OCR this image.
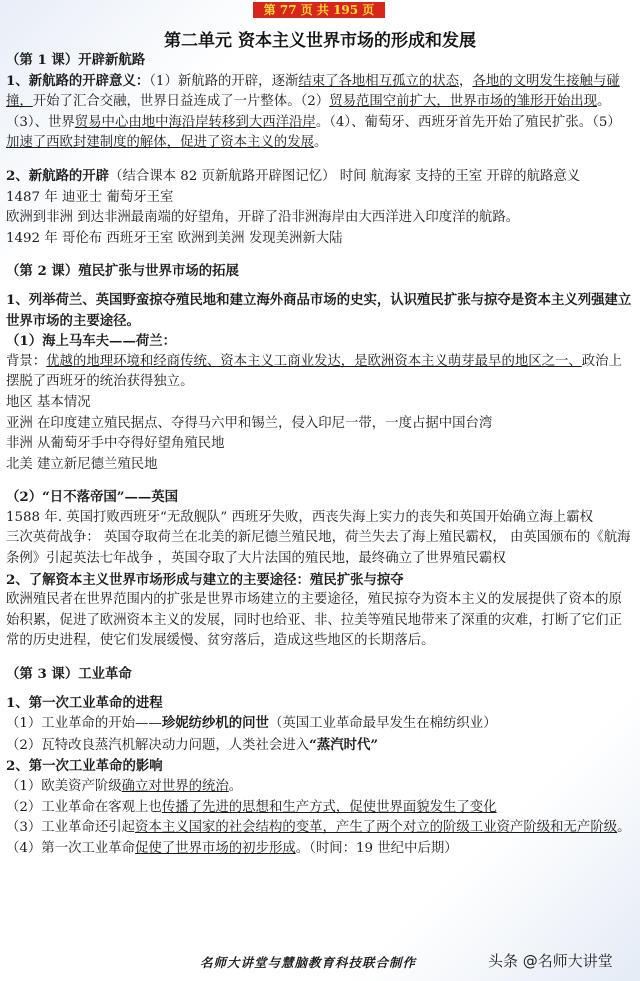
第 77 页 共 195 页
第二单元 资本主义世界市场的形成和发展

（第 1 课）开辟新航路

1、新航路的开辟意义：（1）新航路的开辟，逐渐结束了各地相互孤立的状态，各地的文明发生接触与碰撞，开始了汇合交融，世界日益连成了一片整体。（2）贸易范围空前扩大，世界市场的雏形开始出现。（3）、世界贸易中心由地中海沿岸转移到大西洋沿岸。（4）、葡萄牙、西班牙首先开始了殖民扩张。（5）加速了西欧封建制度的解体，促进了资本主义的发展。

2、新航路的开辟（结合课本 82 页新航路开辟图记忆） 时间 航海家 支持的王室 开辟的航路意义

1487 年 迪亚士 葡萄牙王室

欧洲到非洲 到达非洲最南端的好望角，开辟了沿非洲海岸由大西洋进入印度洋的航路。

1492 年 哥伦布 西班牙王室 欧洲到美洲 发现美洲新大陆

（第 2 课）殖民扩张与世界市场的拓展

1、列举荷兰、英国野蛮掠夺殖民地和建立海外商品市场的史实，认识殖民扩张与掠夺是资本主义列强建立世界市场的主要途径。

（1）海上马车夫——荷兰：

背景：优越的地理环境和经商传统、资本主义工商业发达，是欧洲资本主义萌芽最早的地区之一、政治上摆脱了西班牙的统治获得独立。

地区 基本情况

亚洲 在印度建立殖民据点、夺得马六甲和锡兰，侵入印尼一带，一度占据中国台湾

非洲 从葡萄牙手中夺得好望角殖民地

北美 建立新尼德兰殖民地

（2）“日不落帝国”——英国

1588 年. 英国打败西班牙“无敌舰队” 西班牙失败，西丧失海上实力的丧失和英国开始确立海上霸权

三次英荷战争： 英国夺取荷兰在北美的新尼德兰殖民地，荷兰失去了海上殖民霸权， 由英国颁布的《航海条例》引起英法七年战争 ，英国夺取了大片法国的殖民地，最终确立了世界殖民霸权

2、了解资本主义世界市场形成与建立的主要途径：殖民扩张与掠夺

欧洲殖民者在世界范围内的扩张是世界市场建立的主要途径，殖民掠夺为资本主义的发展提供了资本的原始积累，促进了欧洲资本主义的发展，同时也给亚、非、拉美等殖民地带来了深重的灾难，打断了它们正常的历史进程，使它们发展缓慢、贫穷落后，造成这些地区的长期落后。

（第 3 课）工业革命

1、第一次工业革命的进程

（1）工业革命的开始——珍妮纺纱机的问世（英国工业革命最早发生在棉纺织业）

（2）瓦特改良蒸汽机解决动力问题，人类社会进入“蒸汽时代”

2、第一次工业革命的影响

（1）欧美资产阶级确立对世界的统治。

（2）工业革命在客观上也传播了先进的思想和生产方式，促使世界面貌发生了变化

（3）工业革命还引起资本主义国家的社会结构的变革，产生了两个对立的阶级工业资产阶级和无产阶级。

（4）第一次工业革命促使了世界市场的初步形成。（时间：19 世纪中后期）

名师大讲堂与慧脑教育科技联合制作	头条 @名师大讲堂
